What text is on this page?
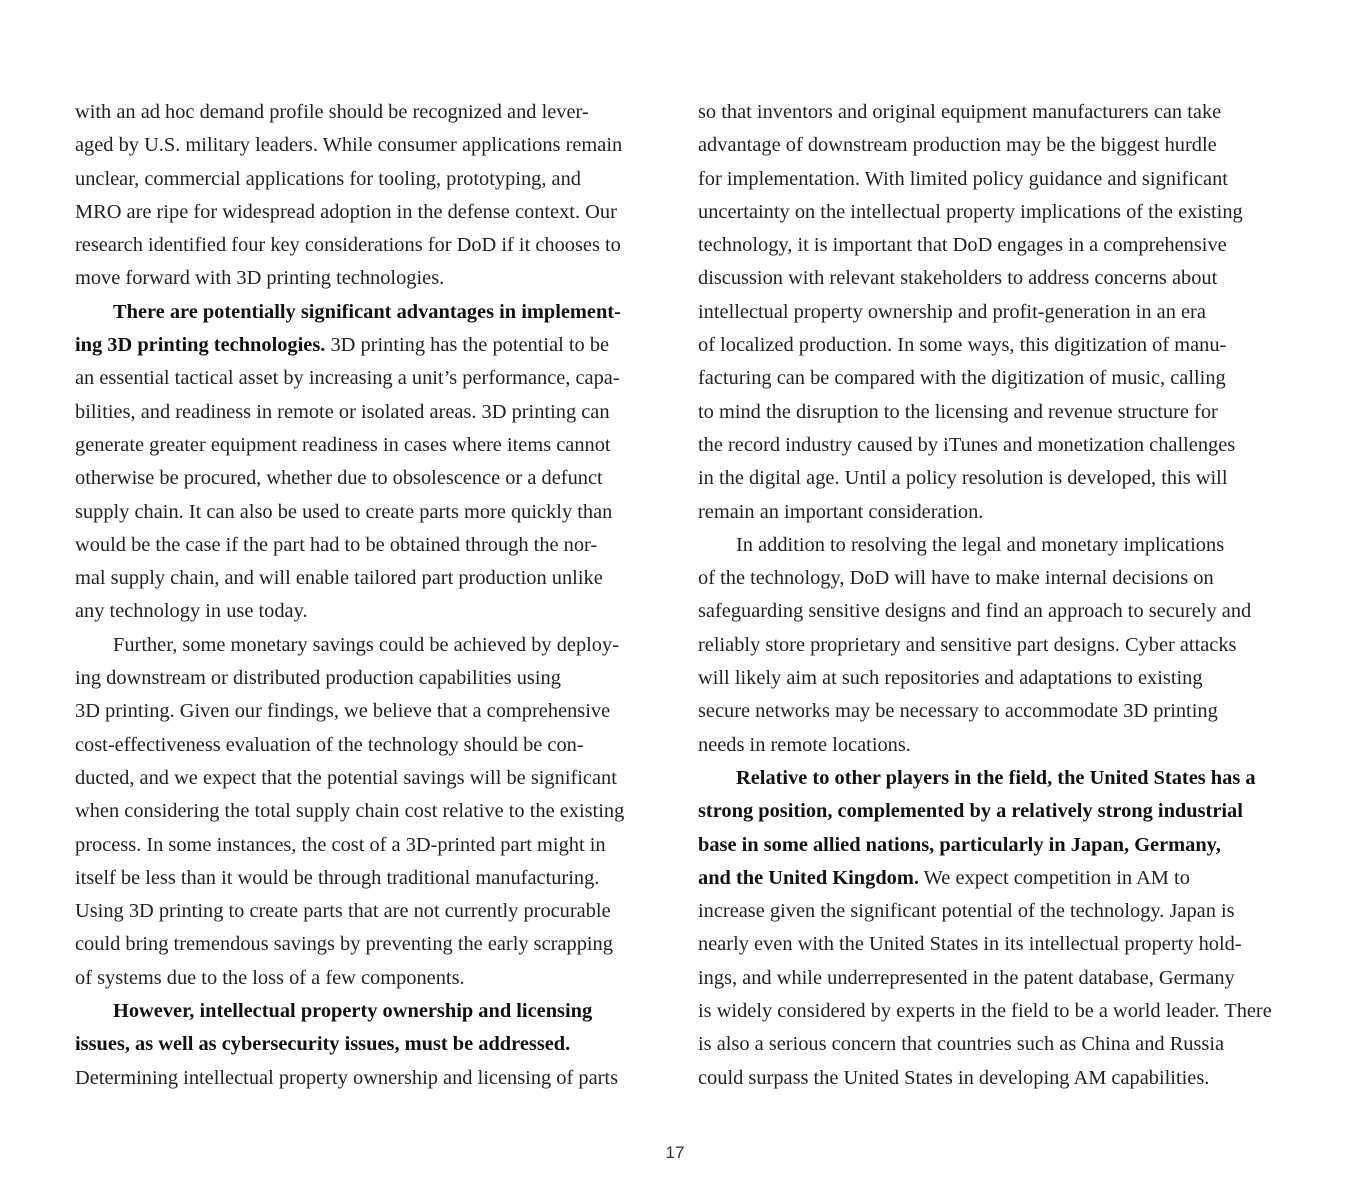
with an ad hoc demand profile should be recognized and lever-
aged by U.S. military leaders. While consumer applications remain
unclear, commercial applications for tooling, prototyping, and
MRO are ripe for widespread adoption in the defense context. Our
research identified four key considerations for DoD if it chooses to
move forward with 3D printing technologies.
There are potentially significant advantages in implement-
ing 3D printing technologies. 3D printing has the potential to be
an essential tactical asset by increasing a unit’s performance, capa-
bilities, and readiness in remote or isolated areas. 3D printing can
generate greater equipment readiness in cases where items cannot
otherwise be procured, whether due to obsolescence or a defunct
supply chain. It can also be used to create parts more quickly than
would be the case if the part had to be obtained through the nor-
mal supply chain, and will enable tailored part production unlike
any technology in use today.
Further, some monetary savings could be achieved by deploy-
ing downstream or distributed production capabilities using
3D printing. Given our findings, we believe that a comprehensive
cost-effectiveness evaluation of the technology should be con-
ducted, and we expect that the potential savings will be significant
when considering the total supply chain cost relative to the existing
process. In some instances, the cost of a 3D-printed part might in
itself be less than it would be through traditional manufacturing.
Using 3D printing to create parts that are not currently procurable
could bring tremendous savings by preventing the early scrapping
of systems due to the loss of a few components.
However, intellectual property ownership and licensing
issues, as well as cybersecurity issues, must be addressed.
Determining intellectual property ownership and licensing of parts
so that inventors and original equipment manufacturers can take
advantage of downstream production may be the biggest hurdle
for implementation. With limited policy guidance and significant
uncertainty on the intellectual property implications of the existing
technology, it is important that DoD engages in a comprehensive
discussion with relevant stakeholders to address concerns about
intellectual property ownership and profit-generation in an era
of localized production. In some ways, this digitization of manu-
facturing can be compared with the digitization of music, calling
to mind the disruption to the licensing and revenue structure for
the record industry caused by iTunes and monetization challenges
in the digital age. Until a policy resolution is developed, this will
remain an important consideration.
In addition to resolving the legal and monetary implications
of the technology, DoD will have to make internal decisions on
safeguarding sensitive designs and find an approach to securely and
reliably store proprietary and sensitive part designs. Cyber attacks
will likely aim at such repositories and adaptations to existing
secure networks may be necessary to accommodate 3D printing
needs in remote locations.
Relative to other players in the field, the United States has a
strong position, complemented by a relatively strong industrial
base in some allied nations, particularly in Japan, Germany,
and the United Kingdom. We expect competition in AM to
increase given the significant potential of the technology. Japan is
nearly even with the United States in its intellectual property hold-
ings, and while underrepresented in the patent database, Germany
is widely considered by experts in the field to be a world leader. There
is also a serious concern that countries such as China and Russia
could surpass the United States in developing AM capabilities.
17
